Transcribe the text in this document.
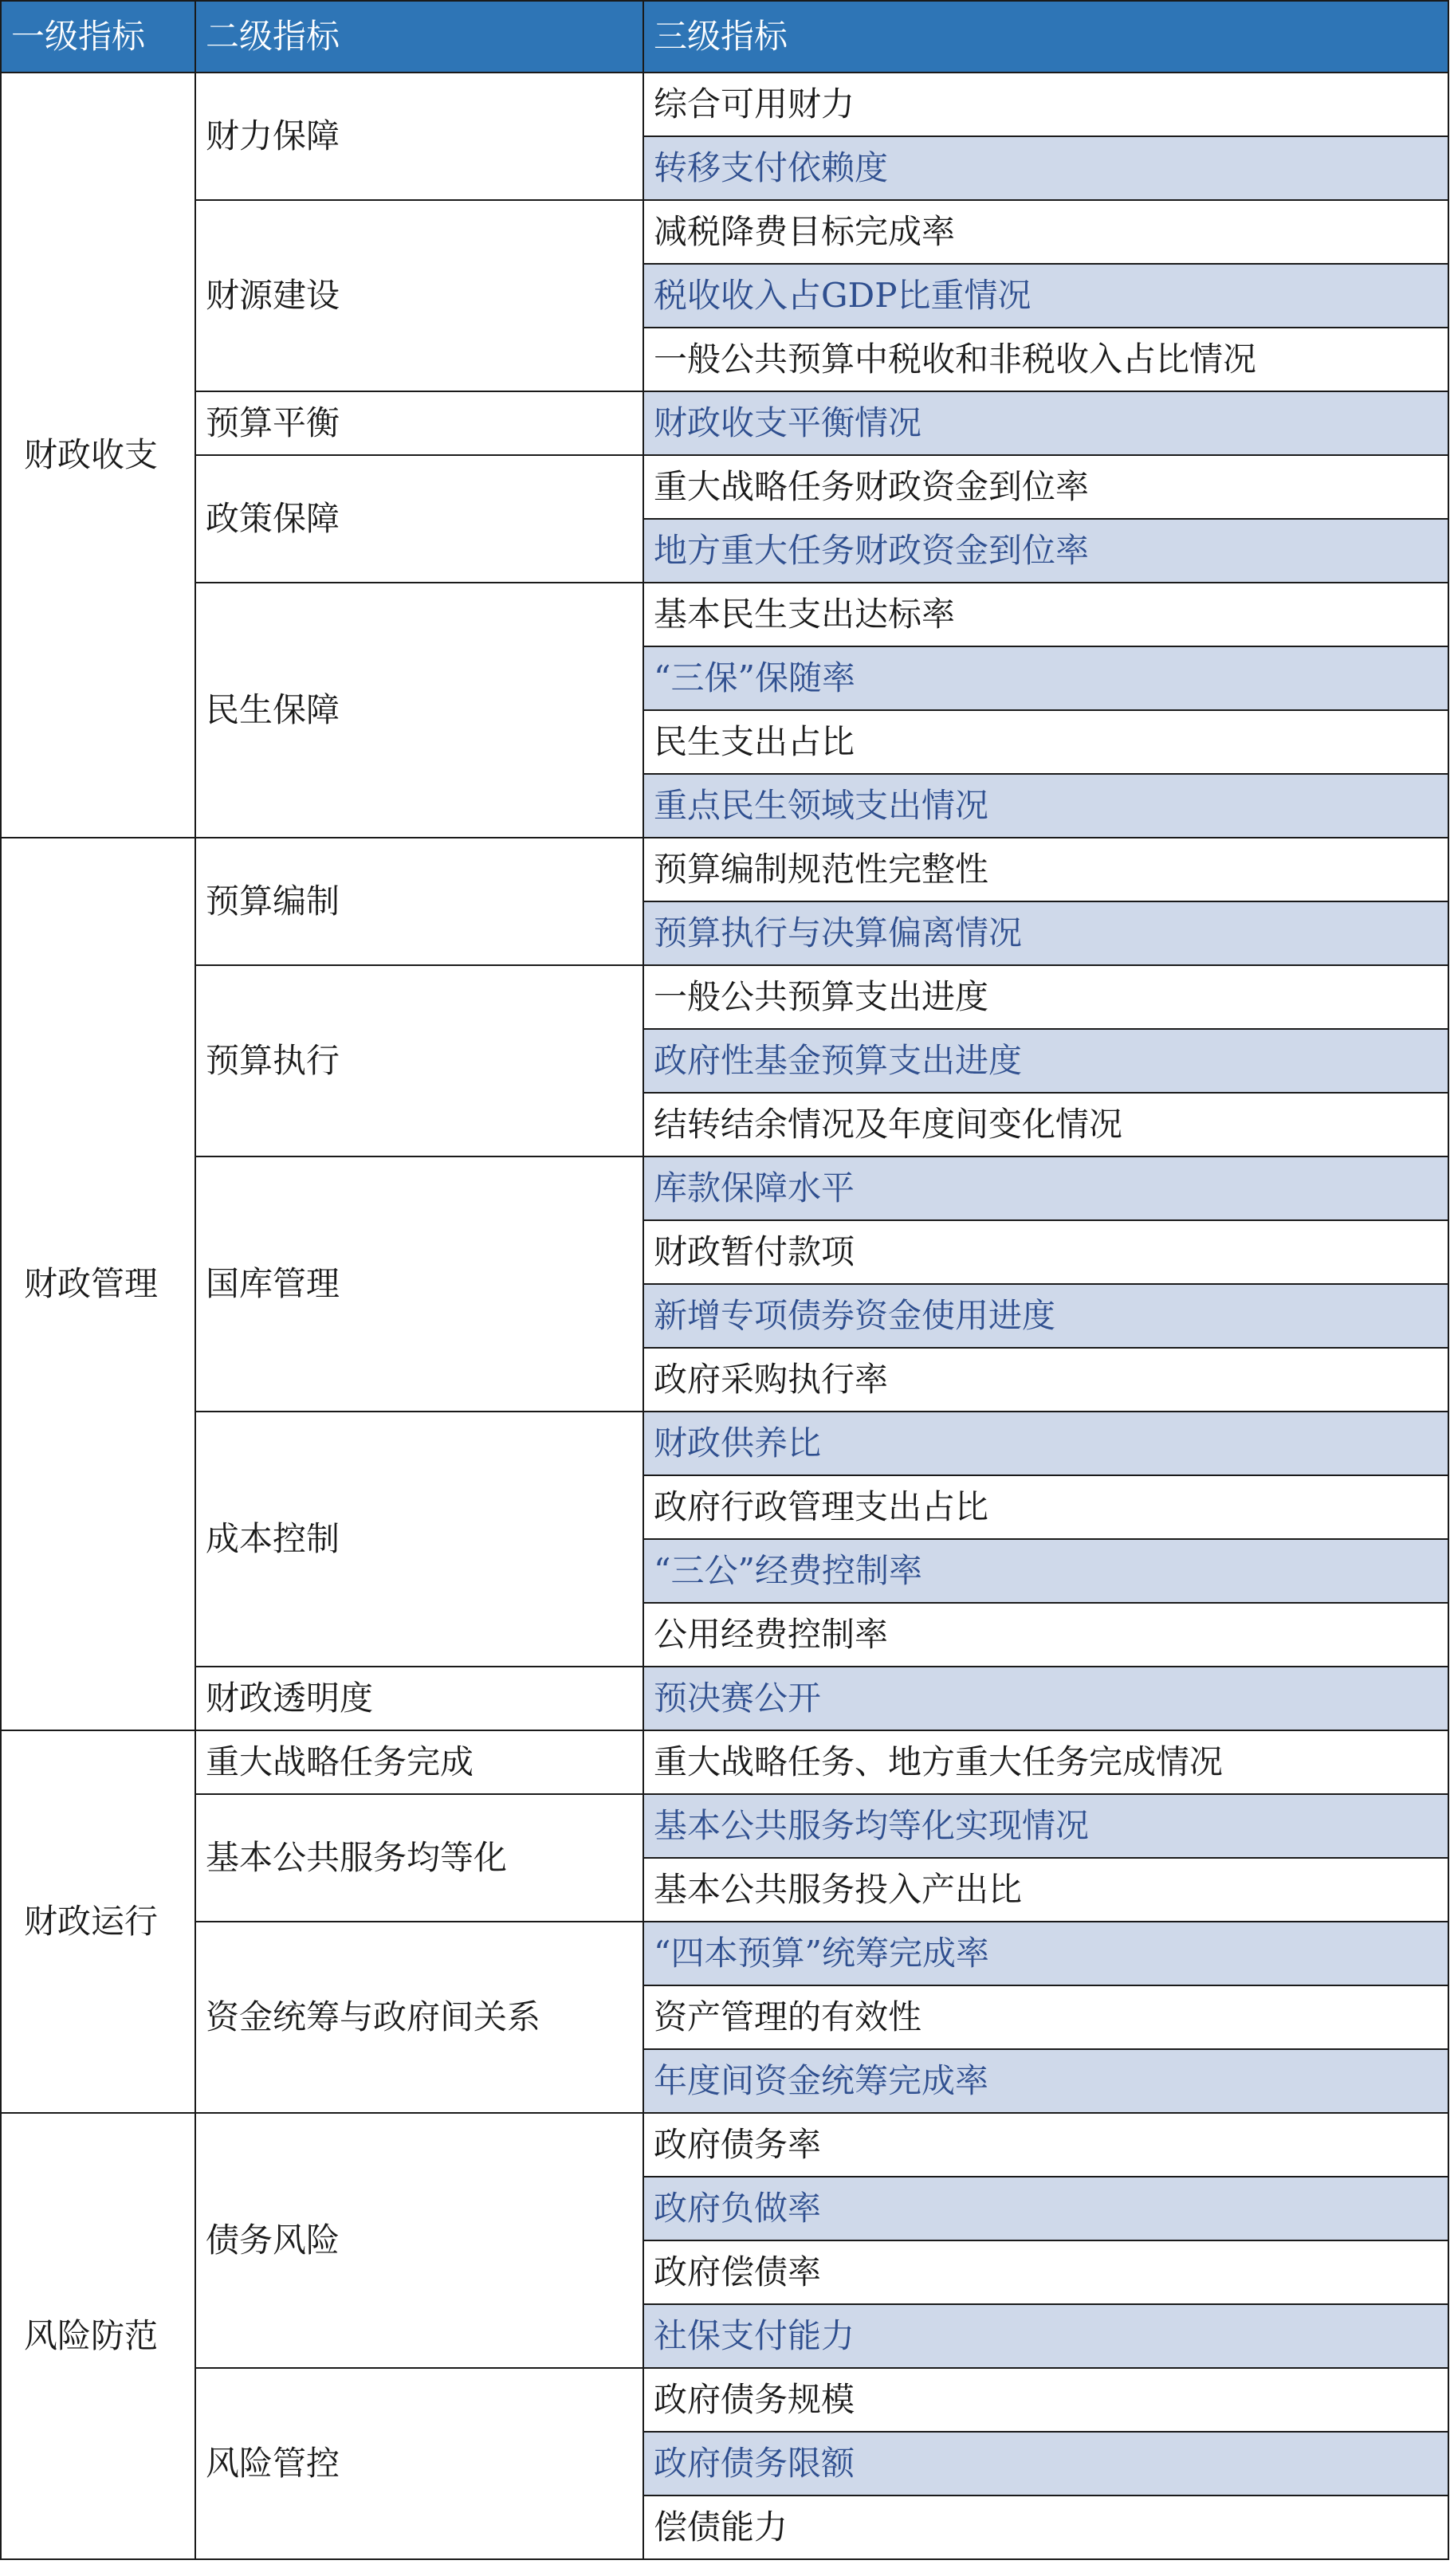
一级指标	二级指标	三级指标
财政收支	财力保障	综合可用财力
		转移支付依赖度
	财源建设	减税降费目标完成率
		税收收入占GDP比重情况
		一般公共预算中税收和非税收入占比情况
	预算平衡	财政收支平衡情况
	政策保障	重大战略任务财政资金到位率
		地方重大任务财政资金到位率
	民生保障	基本民生支出达标率
		“三保”保随率
		民生支出占比
		重点民生领域支出情况
财政管理	预算编制	预算编制规范性完整性
		预算执行与决算偏离情况
	预算执行	一般公共预算支出进度
		政府性基金预算支出进度
		结转结余情况及年度间变化情况
	国库管理	库款保障水平
		财政暂付款项
		新增专项债券资金使用进度
		政府采购执行率
	成本控制	财政供养比
		政府行政管理支出占比
		“三公”经费控制率
		公用经费控制率
	财政透明度	预决赛公开
财政运行	重大战略任务完成	重大战略任务、地方重大任务完成情况
	基本公共服务均等化	基本公共服务均等化实现情况
		基本公共服务投入产出比
	资金统筹与政府间关系	“四本预算”统筹完成率
		资产管理的有效性
		年度间资金统筹完成率
风险防范	债务风险	政府债务率
		政府负做率
		政府偿债率
		社保支付能力
	风险管控	政府债务规模
		政府债务限额
		偿债能力
